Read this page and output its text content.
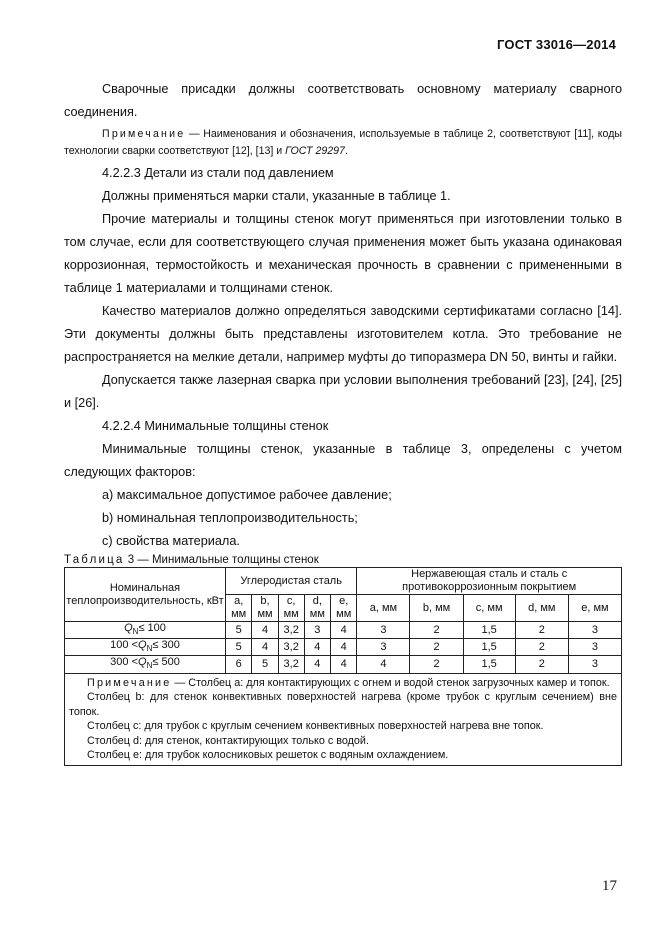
ГОСТ 33016—2014

Сварочные присадки должны соответствовать основному материалу сварного соединения.

Примечание — Наименования и обозначения, используемые в таблице 2, соответствуют [11], коды технологии сварки соответствуют [12], [13] и ГОСТ 29297.

4.2.2.3 Детали из стали под давлением

Должны применяться марки стали, указанные в таблице 1.

Прочие материалы и толщины стенок могут применяться при изготовлении только в том случае, если для соответствующего случая применения может быть указана одинаковая коррозионная, термостойкость и механическая прочность в сравнении с примененными в таблице 1 материалами и толщинами стенок.

Качество материалов должно определяться заводскими сертификатами согласно [14]. Эти документы должны быть представлены изготовителем котла. Это требование не распространяется на мелкие детали, например муфты до типоразмера DN 50, винты и гайки.

Допускается также лазерная сварка при условии выполнения требований [23], [24], [25] и [26].

4.2.2.4 Минимальные толщины стенок

Минимальные толщины стенок, указанные в таблице 3, определены с учетом следующих факторов:

а) максимальное допустимое рабочее давление;
b) номинальная теплопроизводительность;
с) свойства материала.
Таблица 3 — Минимальные толщины стенок
Номинальная теплопроизводительность, кВт	Углеродистая сталь					Нержавеющая сталь и сталь с противокоррозионным покрытием				
	a, мм	b, мм	c, мм	d, мм	e, мм	a, мм	b, мм	c, мм	d, мм	e, мм
$Q_N\le 100$	5	4	3,2	3	4	3	2	1,5	2	3
$100 <Q_N\le 300$	5	4	3,2	4	4	3	2	1,5	2	3
$300 <Q_N\le 500$	6	5	3,2	4	4	4	2	1,5	2	3
Примечание — Столбец а: для контактирующих с огнем и водой стенок загрузочных камер и топок.
Столбец b: для стенок конвективных поверхностей нагрева (кроме трубок с круглым сечением) вне топок.
Столбец с: для трубок с круглым сечением конвективных поверхностей нагрева вне топок.
Столбец d: для стенок, контактирующих только с водой.
Столбец е: для трубок колосниковых решеток с водяным охлаждением.
17
